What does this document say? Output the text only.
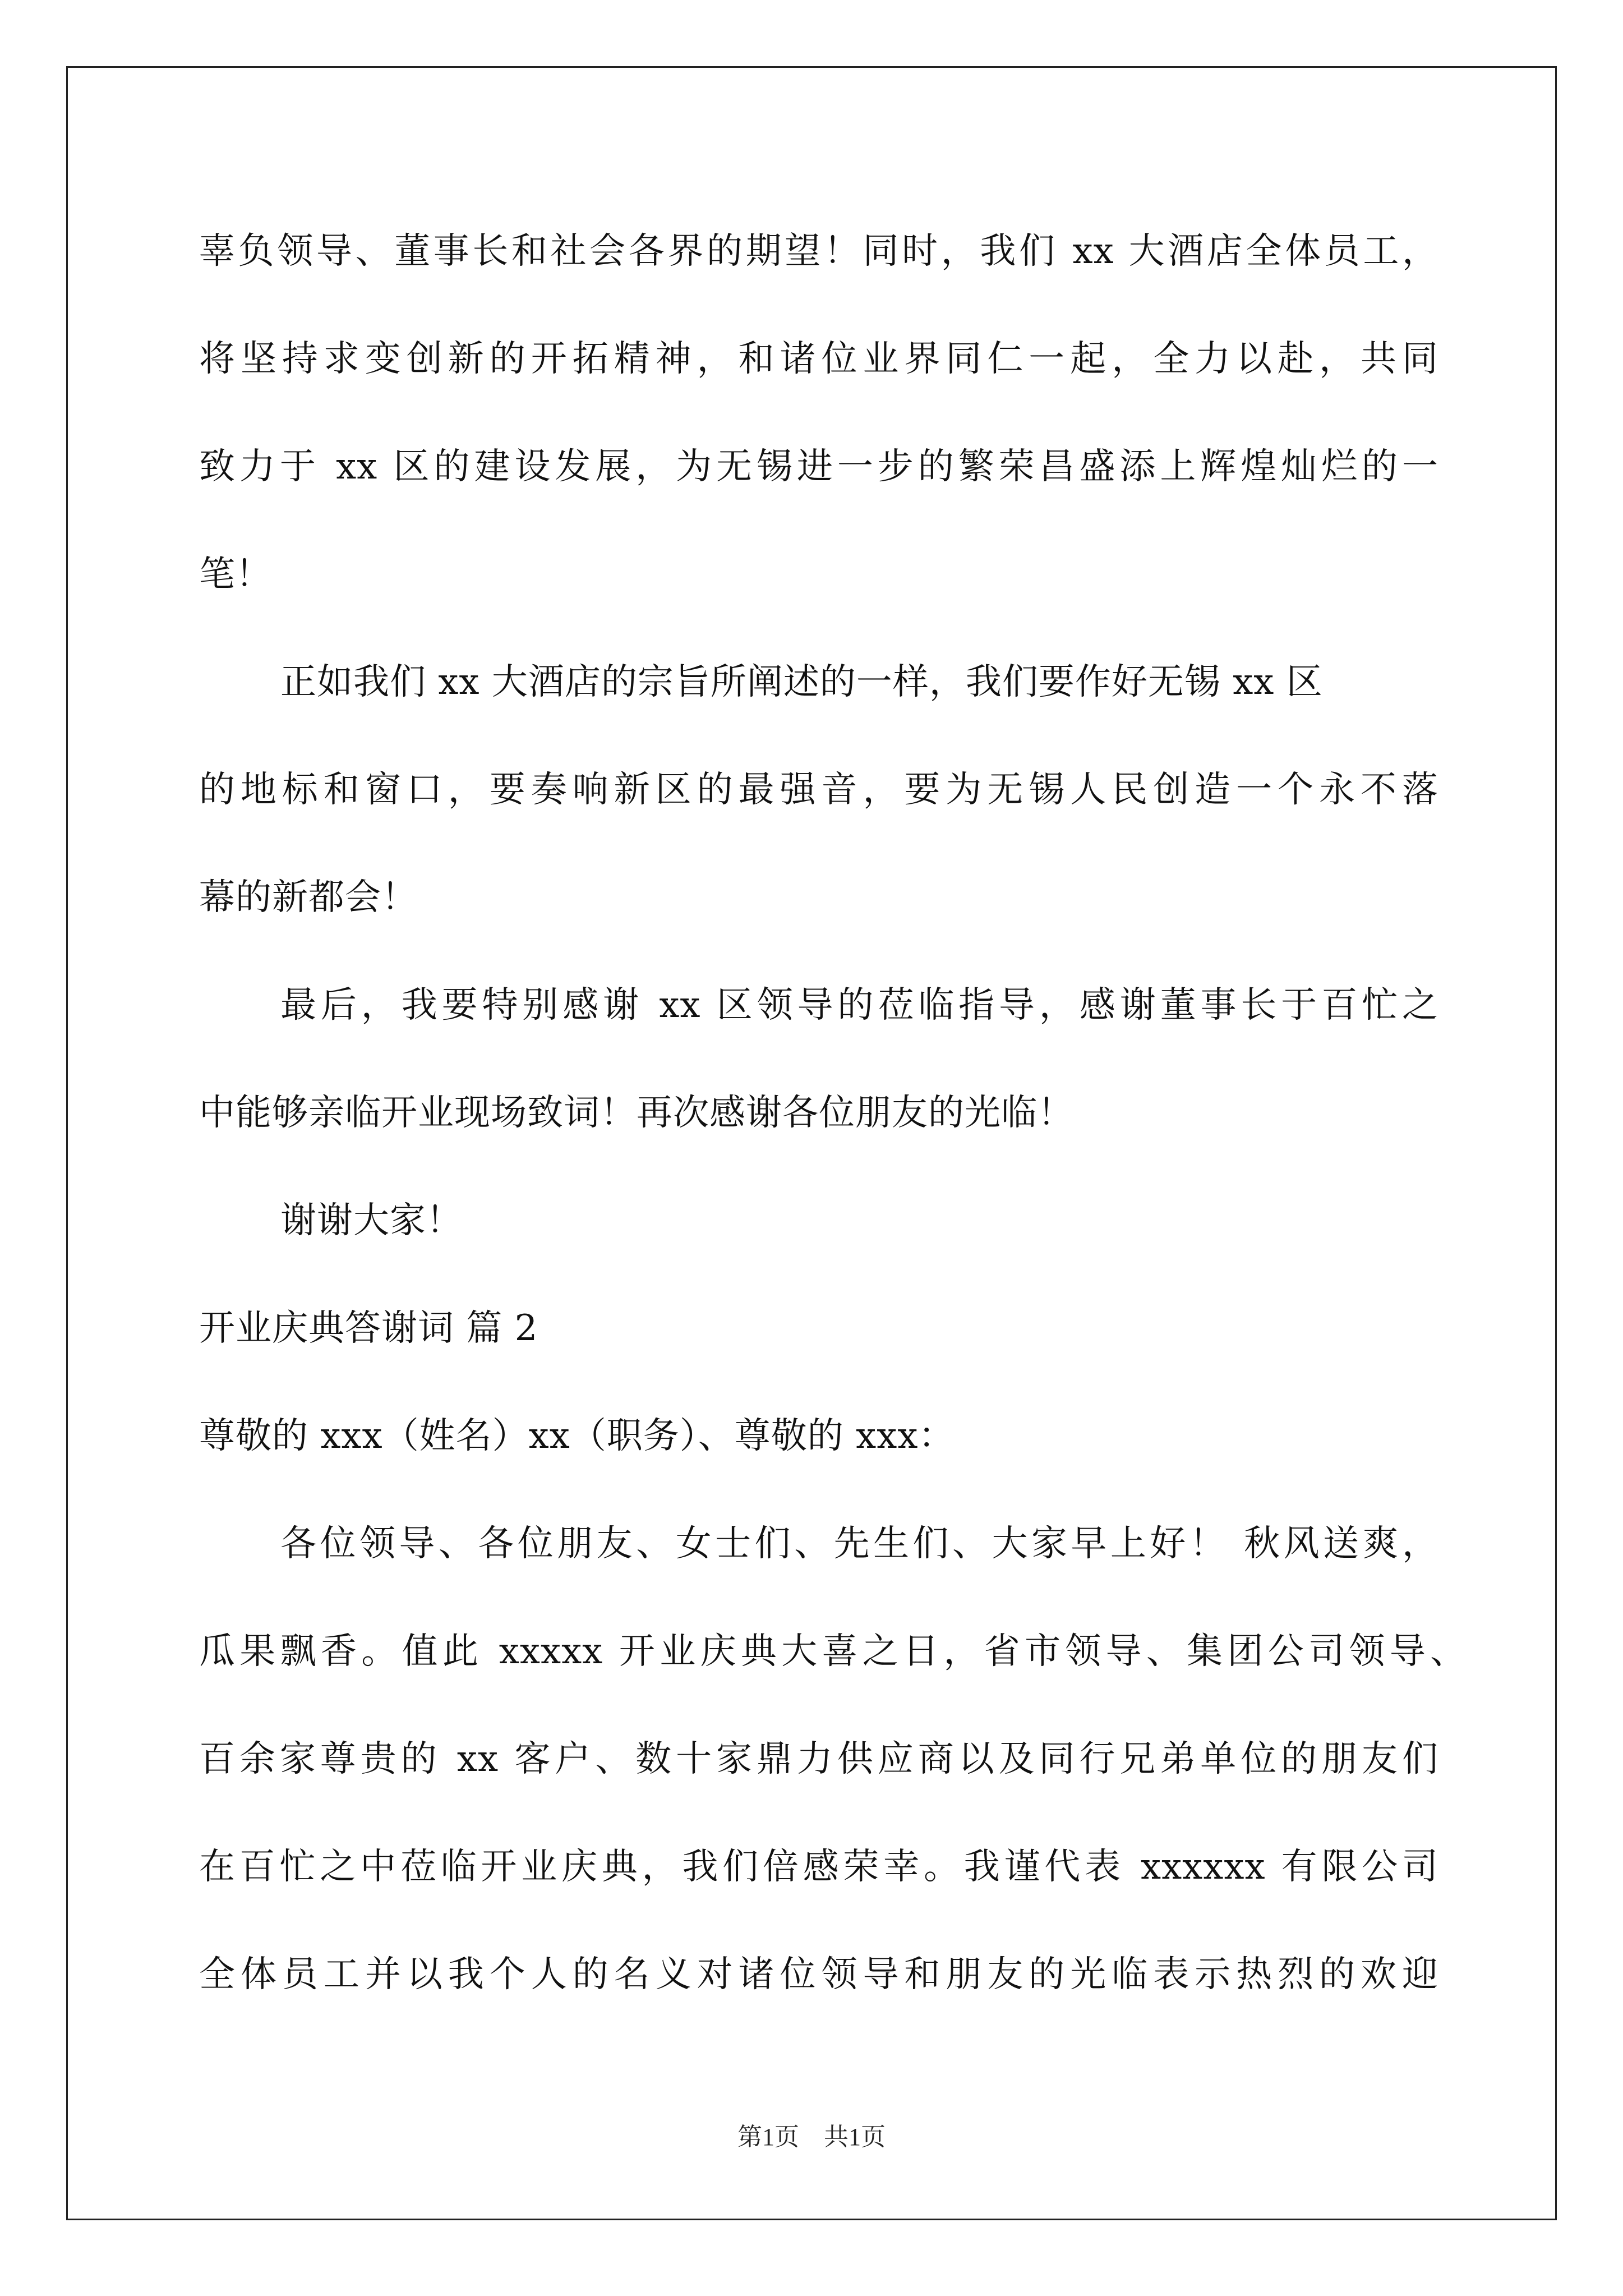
辜负领导、董事长和社会各界的期望！同时，我们 xx 大酒店全体员工，
将坚持求变创新的开拓精神，和诸位业界同仁一起，全力以赴，共同
致力于 xx 区的建设发展，为无锡进一步的繁荣昌盛添上辉煌灿烂的一
笔！
正如我们 xx 大酒店的宗旨所阐述的一样，我们要作好无锡 xx 区
的地标和窗口，要奏响新区的最强音，要为无锡人民创造一个永不落
幕的新都会！
最后，我要特别感谢 xx 区领导的莅临指导，感谢董事长于百忙之
中能够亲临开业现场致词！再次感谢各位朋友的光临！
谢谢大家！
开业庆典答谢词 篇 2
尊敬的 xxx（姓名）xx（职务）、尊敬的 xxx：
各位领导、各位朋友、女士们、先生们、大家早上好！ 秋风送爽，
瓜果飘香。值此 xxxxx 开业庆典大喜之日，省市领导、集团公司领导、
百余家尊贵的 xx 客户、数十家鼎力供应商以及同行兄弟单位的朋友们
在百忙之中莅临开业庆典，我们倍感荣幸。我谨代表 xxxxxx 有限公司
全体员工并以我个人的名义对诸位领导和朋友的光临表示热烈的欢迎
第1页　共1页
